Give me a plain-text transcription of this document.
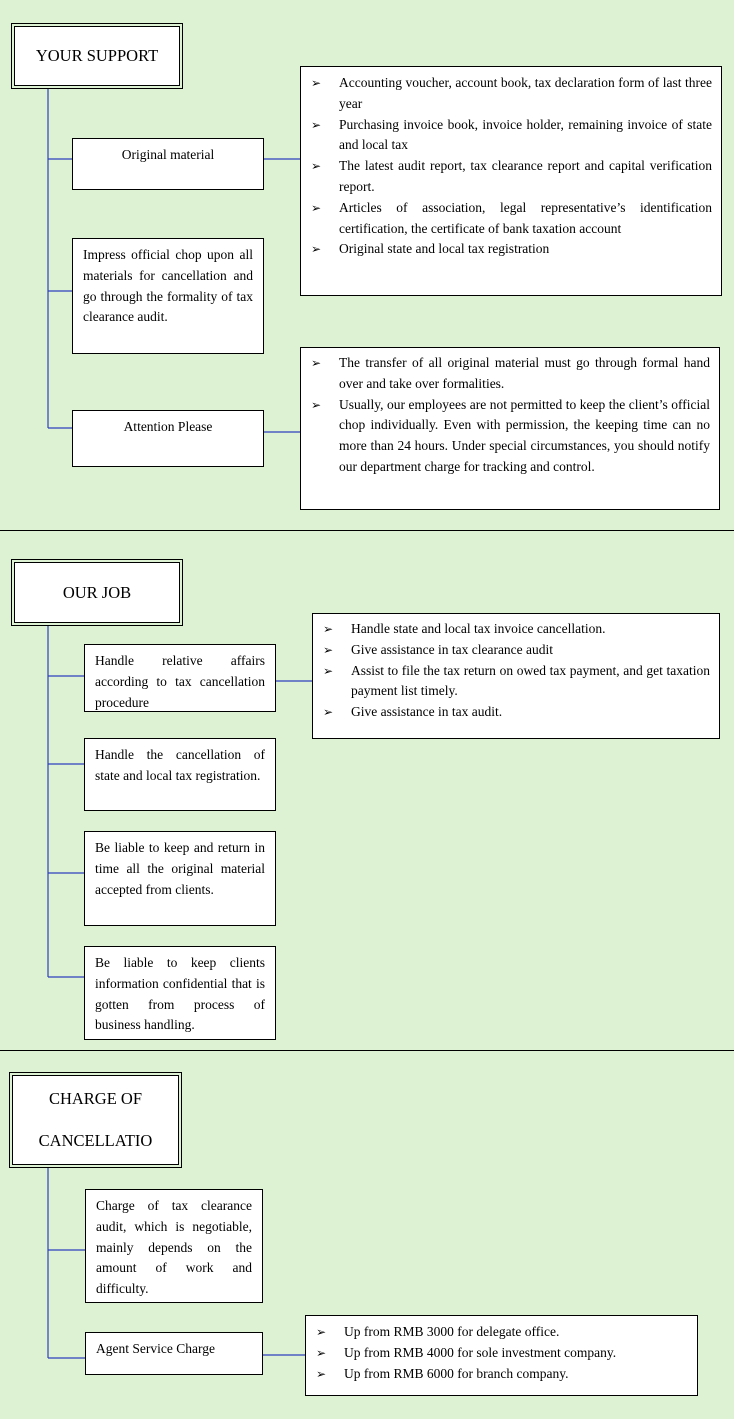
YOUR SUPPORT
Original material
➢ Accounting voucher, account book, tax declaration form of last three year
➢ Purchasing invoice book, invoice holder, remaining invoice of state and local tax
➢ The latest audit report, tax clearance report and capital verification report.
➢ Articles of association, legal representative’s identification certification, the certificate of bank taxation account
➢ Original state and local tax registration
Impress official chop upon all materials for cancellation and go through the formality of tax clearance audit.
Attention Please
➢ The transfer of all original material must go through formal hand over and take over formalities.
➢ Usually, our employees are not permitted to keep the client’s official chop individually. Even with permission, the keeping time can no more than 24 hours. Under special circumstances, you should notify our department charge for tracking and control.
OUR JOB
Handle relative affairs according to tax cancellation procedure
➢ Handle state and local tax invoice cancellation.
➢ Give assistance in tax clearance audit
➢ Assist to file the tax return on owed tax payment, and get taxation payment list timely.
➢ Give assistance in tax audit.
Handle the cancellation of state and local tax registration.
Be liable to keep and return in time all the original material accepted from clients.
Be liable to keep clients information confidential that is gotten from process of business handling.
CHARGE OF
CANCELLATIO
Charge of tax clearance audit, which is negotiable, mainly depends on the amount of work and difficulty.
Agent Service Charge
➢ Up from RMB 3000 for delegate office.
➢ Up from RMB 4000 for sole investment company.
➢ Up from RMB 6000 for branch company.
